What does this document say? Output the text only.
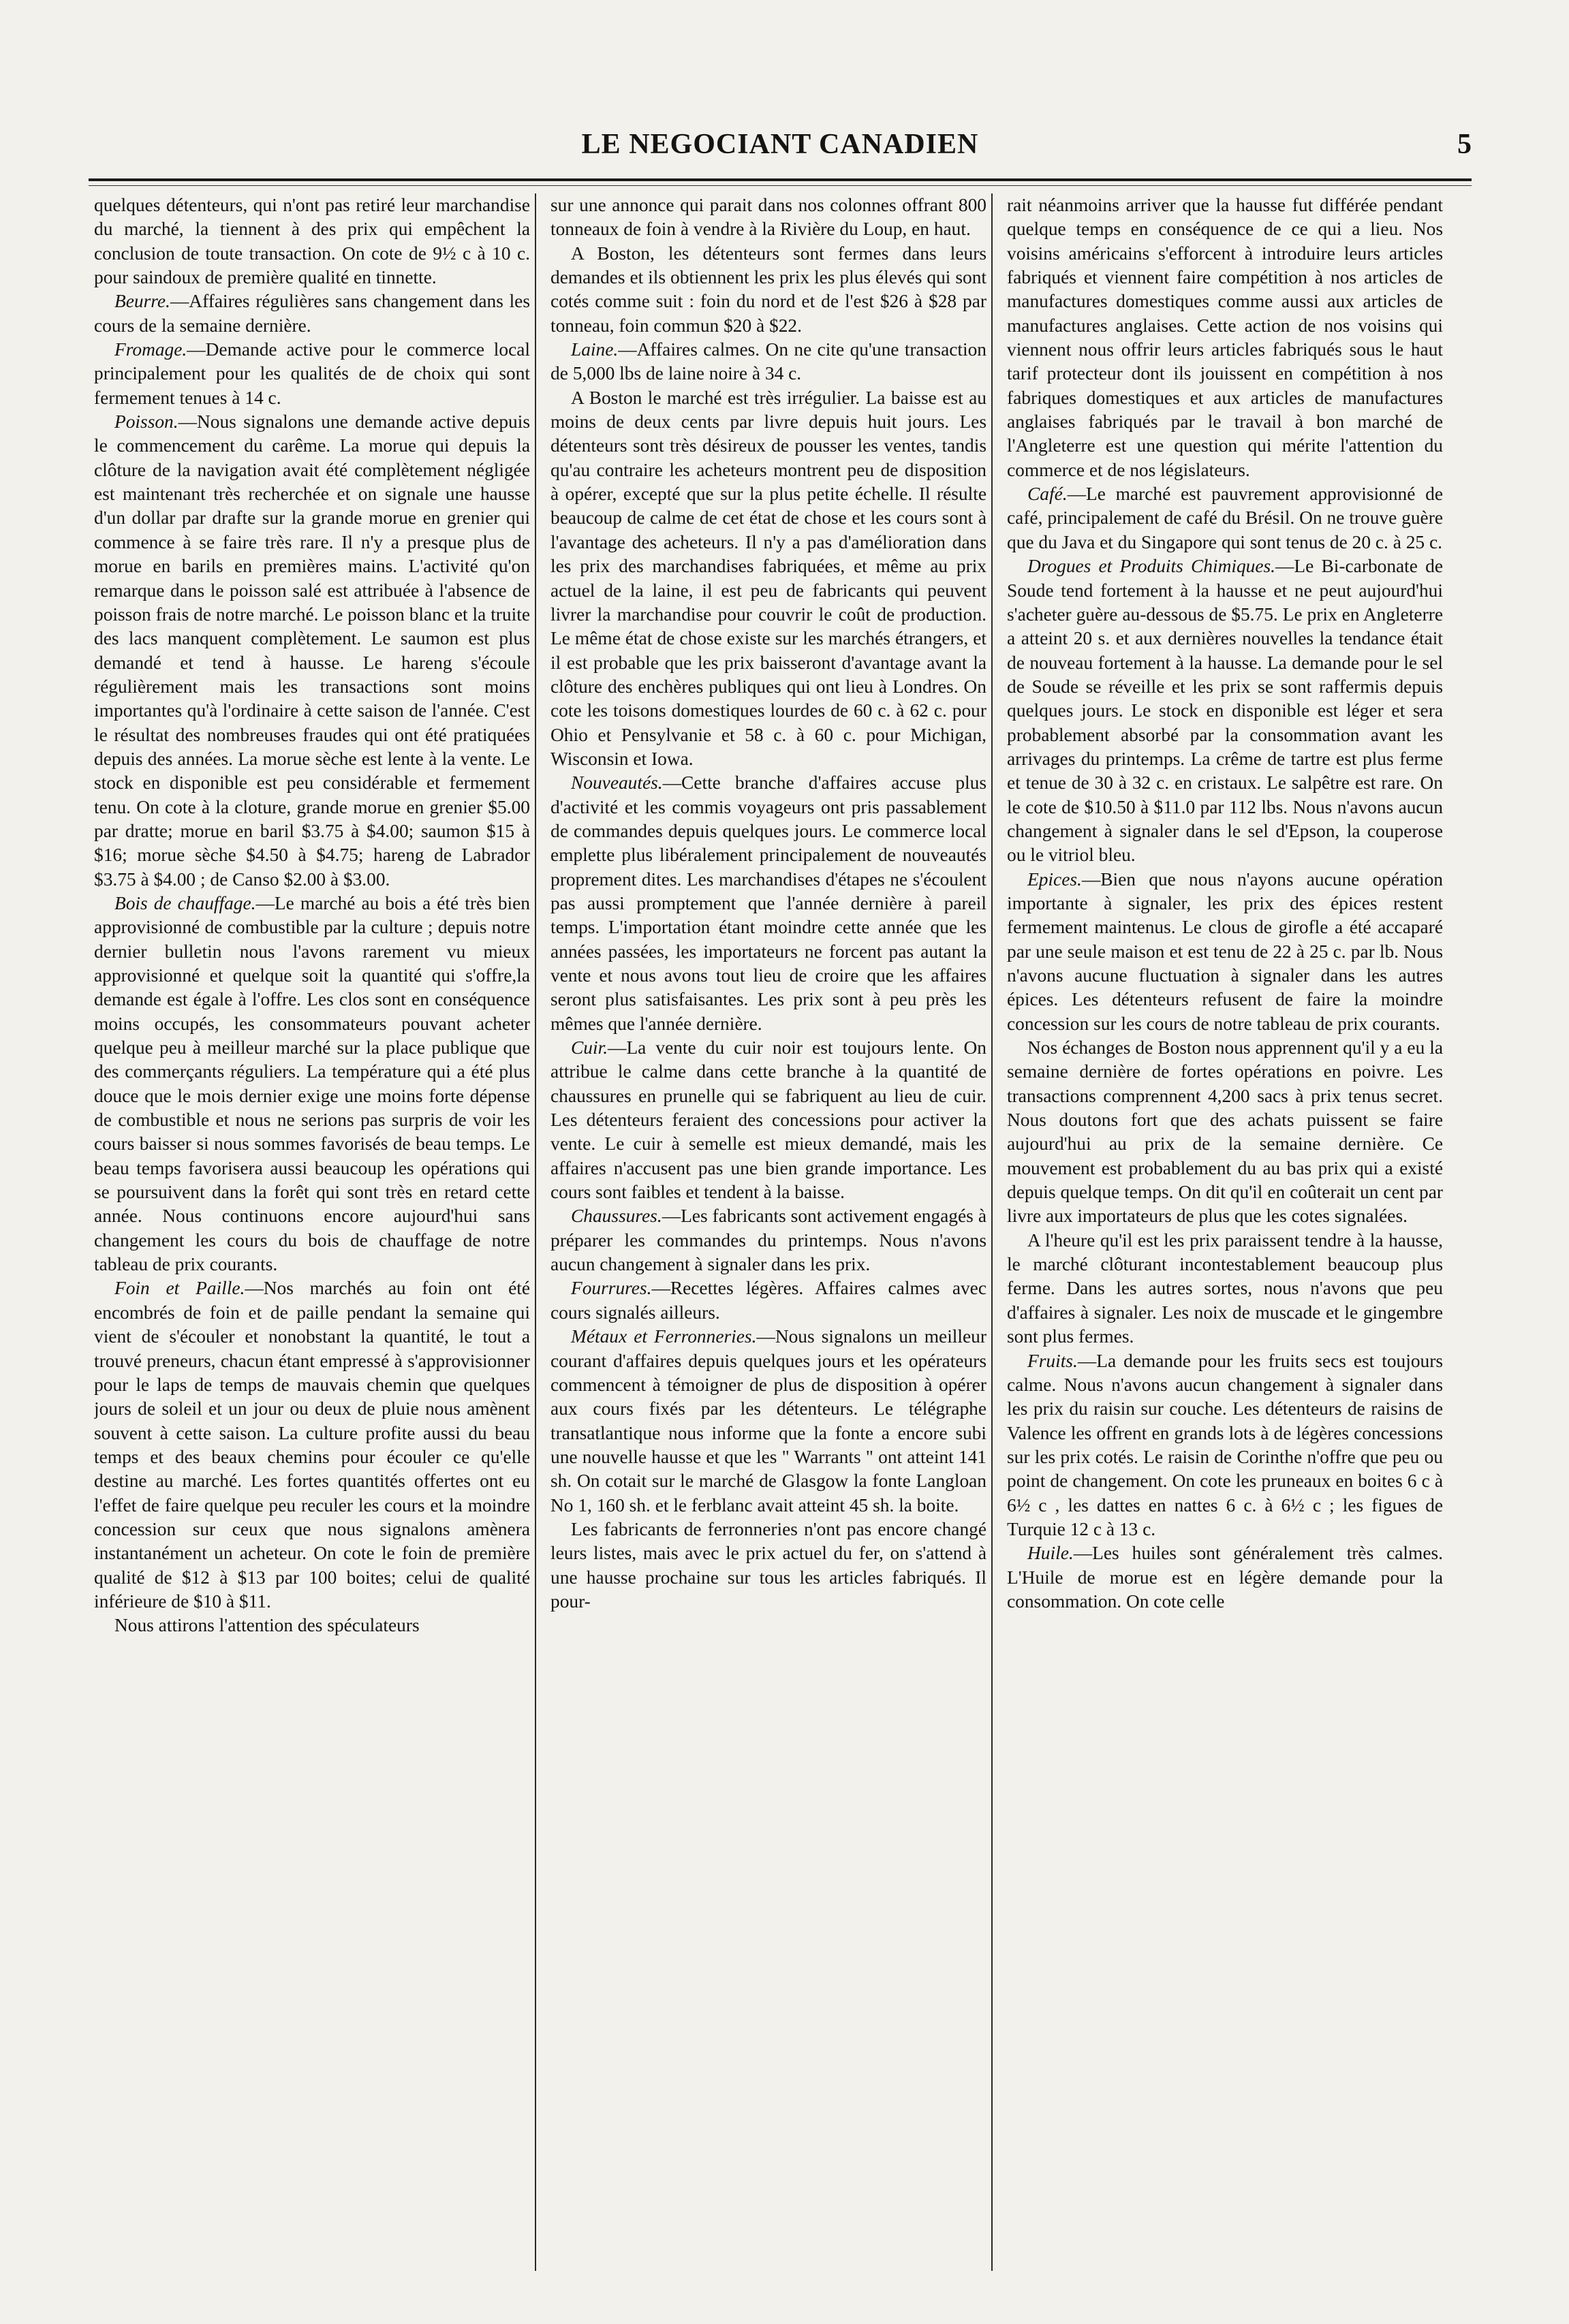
LE NEGOCIANT CANADIEN	5

quelques détenteurs, qui n'ont pas retiré leur marchandise du marché, la tiennent à des prix qui empêchent la conclusion de toute transaction. On cote de 9½ c à 10 c. pour saindoux de première qualité en tinnette.

Beurre.—Affaires régulières sans changement dans les cours de la semaine dernière.

Fromage.—Demande active pour le commerce local principalement pour les qualités de de choix qui sont fermement tenues à 14 c.

Poisson.—Nous signalons une demande active depuis le commencement du carême. La morue qui depuis la clôture de la navigation avait été complètement négligée est maintenant très recherchée et on signale une hausse d'un dollar par drafte sur la grande morue en grenier qui commence à se faire très rare. Il n'y a presque plus de morue en barils en premières mains. L'activité qu'on remarque dans le poisson salé est attribuée à l'absence de poisson frais de notre marché. Le poisson blanc et la truite des lacs manquent complètement. Le saumon est plus demandé et tend à hausse. Le hareng s'écoule régulièrement mais les transactions sont moins importantes qu'à l'ordinaire à cette saison de l'année. C'est le résultat des nombreuses fraudes qui ont été pratiquées depuis des années. La morue sèche est lente à la vente. Le stock en disponible est peu considérable et fermement tenu. On cote à la cloture, grande morue en grenier $5.00 par dratte; morue en baril $3.75 à $4.00; saumon $15 à $16; morue sèche $4.50 à $4.75; hareng de Labrador $3.75 à $4.00 ; de Canso $2.00 à $3.00.

Bois de chauffage.—Le marché au bois a été très bien approvisionné de combustible par la culture ; depuis notre dernier bulletin nous l'avons rarement vu mieux approvisionné et quelque soit la quantité qui s'offre,la demande est égale à l'offre. Les clos sont en conséquence moins occupés, les consommateurs pouvant acheter quelque peu à meilleur marché sur la place publique que des commerçants réguliers. La température qui a été plus douce que le mois dernier exige une moins forte dépense de combustible et nous ne serions pas surpris de voir les cours baisser si nous sommes favorisés de beau temps. Le beau temps favorisera aussi beaucoup les opérations qui se poursuivent dans la forêt qui sont très en retard cette année. Nous continuons encore aujourd'hui sans changement les cours du bois de chauffage de notre tableau de prix courants.

Foin et Paille.—Nos marchés au foin ont été encombrés de foin et de paille pendant la semaine qui vient de s'écouler et nonobstant la quantité, le tout a trouvé preneurs, chacun étant empressé à s'approvisionner pour le laps de temps de mauvais chemin que quelques jours de soleil et un jour ou deux de pluie nous amènent souvent à cette saison. La culture profite aussi du beau temps et des beaux chemins pour écouler ce qu'elle destine au marché. Les fortes quantités offertes ont eu l'effet de faire quelque peu reculer les cours et la moindre concession sur ceux que nous signalons amènera instantanément un acheteur. On cote le foin de première qualité de $12 à $13 par 100 boites; celui de qualité inférieure de $10 à $11.

Nous attirons l'attention des spéculateurs

sur une annonce qui parait dans nos colonnes offrant 800 tonneaux de foin à vendre à la Rivière du Loup, en haut.

A Boston, les détenteurs sont fermes dans leurs demandes et ils obtiennent les prix les plus élevés qui sont cotés comme suit : foin du nord et de l'est $26 à $28 par tonneau, foin commun $20 à $22.

Laine.—Affaires calmes. On ne cite qu'une transaction de 5,000 lbs de laine noire à 34 c.

A Boston le marché est très irrégulier. La baisse est au moins de deux cents par livre depuis huit jours. Les détenteurs sont très désireux de pousser les ventes, tandis qu'au contraire les acheteurs montrent peu de disposition à opérer, excepté que sur la plus petite échelle. Il résulte beaucoup de calme de cet état de chose et les cours sont à l'avantage des acheteurs. Il n'y a pas d'amélioration dans les prix des marchandises fabriquées, et même au prix actuel de la laine, il est peu de fabricants qui peuvent livrer la marchandise pour couvrir le coût de production. Le même état de chose existe sur les marchés étrangers, et il est probable que les prix baisseront d'avantage avant la clôture des enchères publiques qui ont lieu à Londres. On cote les toisons domestiques lourdes de 60 c. à 62 c. pour Ohio et Pensylvanie et 58 c. à 60 c. pour Michigan, Wisconsin et Iowa.

Nouveautés.—Cette branche d'affaires accuse plus d'activité et les commis voyageurs ont pris passablement de commandes depuis quelques jours. Le commerce local emplette plus libéralement principalement de nouveautés proprement dites. Les marchandises d'étapes ne s'écoulent pas aussi promptement que l'année dernière à pareil temps. L'importation étant moindre cette année que les années passées, les importateurs ne forcent pas autant la vente et nous avons tout lieu de croire que les affaires seront plus satisfaisantes. Les prix sont à peu près les mêmes que l'année dernière.

Cuir.—La vente du cuir noir est toujours lente. On attribue le calme dans cette branche à la quantité de chaussures en prunelle qui se fabriquent au lieu de cuir. Les détenteurs feraient des concessions pour activer la vente. Le cuir à semelle est mieux demandé, mais les affaires n'accusent pas une bien grande importance. Les cours sont faibles et tendent à la baisse.

Chaussures.—Les fabricants sont activement engagés à préparer les commandes du printemps. Nous n'avons aucun changement à signaler dans les prix.

Fourrures.—Recettes légères. Affaires calmes avec cours signalés ailleurs.

Métaux et Ferronneries.—Nous signalons un meilleur courant d'affaires depuis quelques jours et les opérateurs commencent à témoigner de plus de disposition à opérer aux cours fixés par les détenteurs. Le télégraphe transatlantique nous informe que la fonte a encore subi une nouvelle hausse et que les " Warrants " ont atteint 141 sh. On cotait sur le marché de Glasgow la fonte Langloan No 1, 160 sh. et le ferblanc avait atteint 45 sh. la boite.

Les fabricants de ferronneries n'ont pas encore changé leurs listes, mais avec le prix actuel du fer, on s'attend à une hausse prochaine sur tous les articles fabriqués. Il pour-

rait néanmoins arriver que la hausse fut différée pendant quelque temps en conséquence de ce qui a lieu. Nos voisins américains s'efforcent à introduire leurs articles fabriqués et viennent faire compétition à nos articles de manufactures domestiques comme aussi aux articles de manufactures anglaises. Cette action de nos voisins qui viennent nous offrir leurs articles fabriqués sous le haut tarif protecteur dont ils jouissent en compétition à nos fabriques domestiques et aux articles de manufactures anglaises fabriqués par le travail à bon marché de l'Angleterre est une question qui mérite l'attention du commerce et de nos législateurs.

Café.—Le marché est pauvrement approvisionné de café, principalement de café du Brésil. On ne trouve guère que du Java et du Singapore qui sont tenus de 20 c. à 25 c.

Drogues et Produits Chimiques.—Le Bi-carbonate de Soude tend fortement à la hausse et ne peut aujourd'hui s'acheter guère au-dessous de $5.75. Le prix en Angleterre a atteint 20 s. et aux dernières nouvelles la tendance était de nouveau fortement à la hausse. La demande pour le sel de Soude se réveille et les prix se sont raffermis depuis quelques jours. Le stock en disponible est léger et sera probablement absorbé par la consommation avant les arrivages du printemps. La crême de tartre est plus ferme et tenue de 30 à 32 c. en cristaux. Le salpêtre est rare. On le cote de $10.50 à $11.0 par 112 lbs. Nous n'avons aucun changement à signaler dans le sel d'Epson, la couperose ou le vitriol bleu.

Epices.—Bien que nous n'ayons aucune opération importante à signaler, les prix des épices restent fermement maintenus. Le clous de girofle a été accaparé par une seule maison et est tenu de 22 à 25 c. par lb. Nous n'avons aucune fluctuation à signaler dans les autres épices. Les détenteurs refusent de faire la moindre concession sur les cours de notre tableau de prix courants.

Nos échanges de Boston nous apprennent qu'il y a eu la semaine dernière de fortes opérations en poivre. Les transactions comprennent 4,200 sacs à prix tenus secret. Nous doutons fort que des achats puissent se faire aujourd'hui au prix de la semaine dernière. Ce mouvement est probablement du au bas prix qui a existé depuis quelque temps. On dit qu'il en coûterait un cent par livre aux importateurs de plus que les cotes signalées.

A l'heure qu'il est les prix paraissent tendre à la hausse, le marché clôturant incontestablement beaucoup plus ferme. Dans les autres sortes, nous n'avons que peu d'affaires à signaler. Les noix de muscade et le gingembre sont plus fermes.

Fruits.—La demande pour les fruits secs est toujours calme. Nous n'avons aucun changement à signaler dans les prix du raisin sur couche. Les détenteurs de raisins de Valence les offrent en grands lots à de légères concessions sur les prix cotés. Le raisin de Corinthe n'offre que peu ou point de changement. On cote les pruneaux en boites 6 c à 6½ c , les dattes en nattes 6 c. à 6½ c ; les figues de Turquie 12 c à 13 c.

Huile.—Les huiles sont généralement très calmes. L'Huile de morue est en légère demande pour la consommation. On cote celle
